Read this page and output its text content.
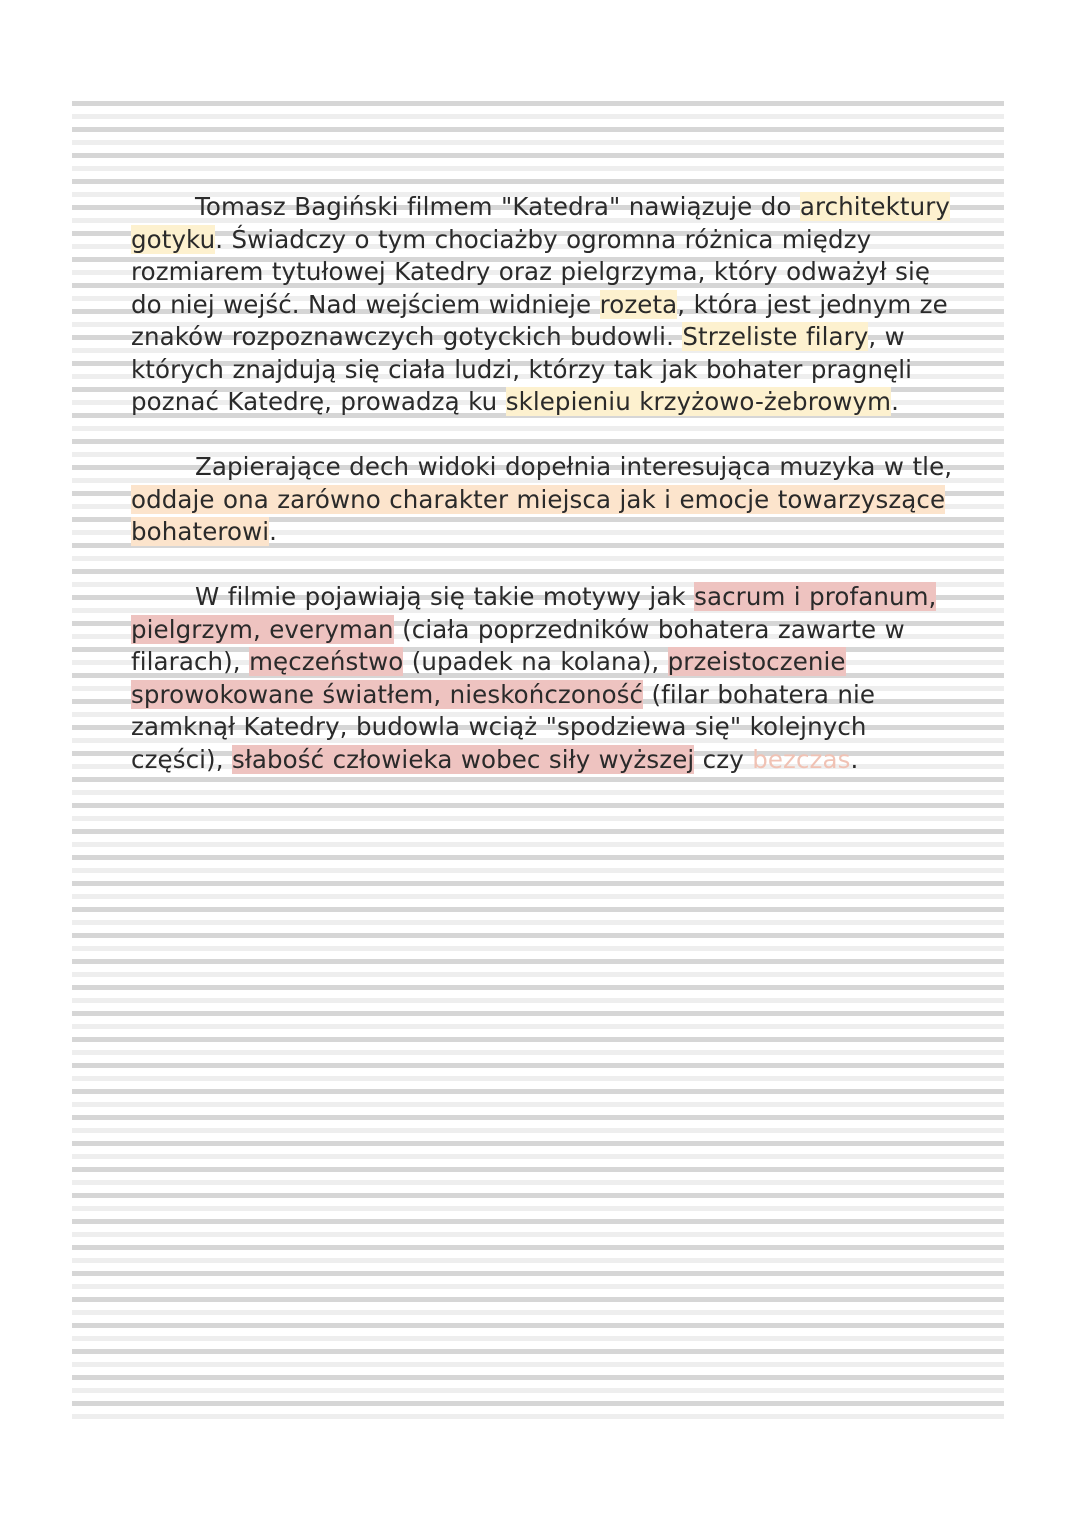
Tomasz Bagiński filmem "Katedra" nawiązuje do architektury gotyku. Świadczy o tym chociażby ogromna różnica między rozmiarem tytułowej Katedry oraz pielgrzyma, który odważył się do niej wejść. Nad wejściem widnieje rozeta, która jest jednym ze znaków rozpoznawczych gotyckich budowli. Strzeliste filary, w których znajdują się ciała ludzi, którzy tak jak bohater pragnęli poznać Katedrę, prowadzą ku sklepieniu krzyżowo-żebrowym.

Zapierające dech widoki dopełnia interesująca muzyka w tle, oddaje ona zarówno charakter miejsca jak i emocje towarzyszące bohaterowi.

W filmie pojawiają się takie motywy jak sacrum i profanum, pielgrzym, everyman (ciała poprzedników bohatera zawarte w filarach), męczeństwo (upadek na kolana), przeistoczenie sprowokowane światłem, nieskończoność (filar bohatera nie zamknął Katedry, budowla wciąż "spodziewa się" kolejnych części), słabość człowieka wobec siły wyższej czy bezczas.
